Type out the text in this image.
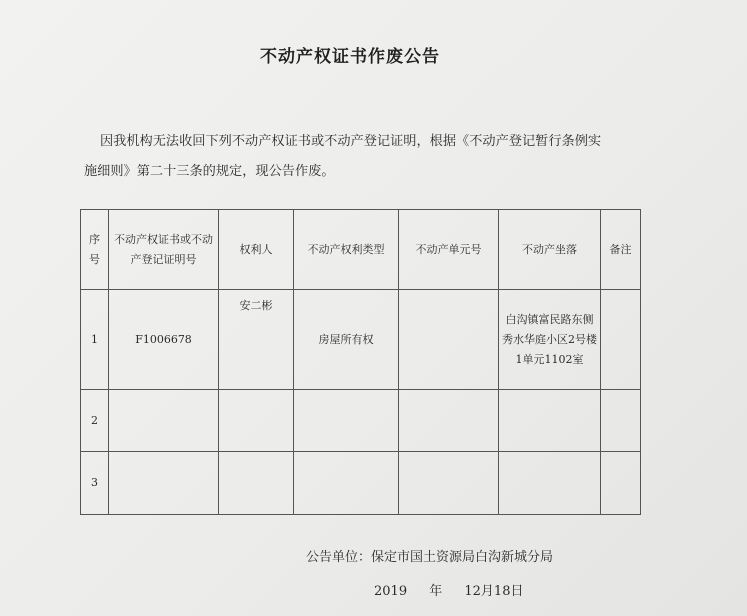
不动产权证书作废公告
因我机构无法收回下列不动产权证书或不动产登记证明，根据《不动产登记暂行条例实
施细则》第二十三条的规定，现公告作废。
序号	不动产权证书或不动产登记证明号	权利人	不动产权利类型	不动产单元号	不动产坐落	备注
1	F1006678	安二彬	房屋所有权		白沟镇富民路东侧秀水华庭小区2号楼1单元1102室	
2						
3						
公告单位：保定市国土资源局白沟新城分局
2019 年 12月18日
